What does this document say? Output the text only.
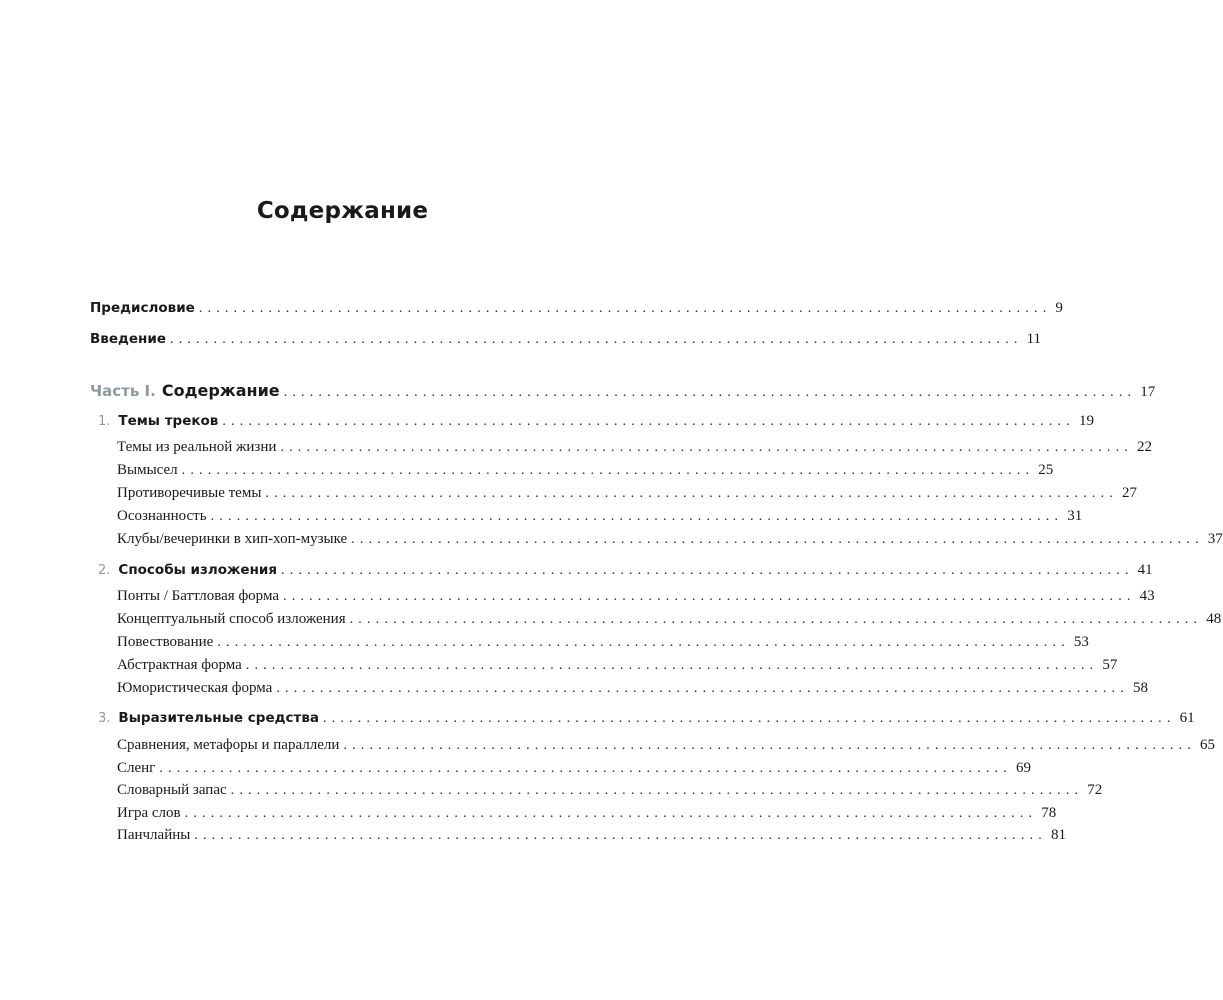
Содержание
Предисловие .................................................................................................. 9
Введение .................................................................................................. 11
Часть I. Содержание .................................................................................................. 17
1. Темы треков .................................................................................................. 19
Темы из реальной жизни .................................................................................................. 22
Вымысел .................................................................................................. 25
Противоречивые темы .................................................................................................. 27
Осознанность .................................................................................................. 31
Клубы/вечеринки в хип-хоп-музыке .................................................................................................. 37
2. Способы изложения .................................................................................................. 41
Понты / Баттловая форма .................................................................................................. 43
Концептуальный способ изложения .................................................................................................. 48
Повествование .................................................................................................. 53
Абстрактная форма .................................................................................................. 57
Юмористическая форма .................................................................................................. 58
3. Выразительные средства .................................................................................................. 61
Сравнения, метафоры и параллели .................................................................................................. 65
Сленг .................................................................................................. 69
Словарный запас .................................................................................................. 72
Игра слов .................................................................................................. 78
Панчлайны .................................................................................................. 81
